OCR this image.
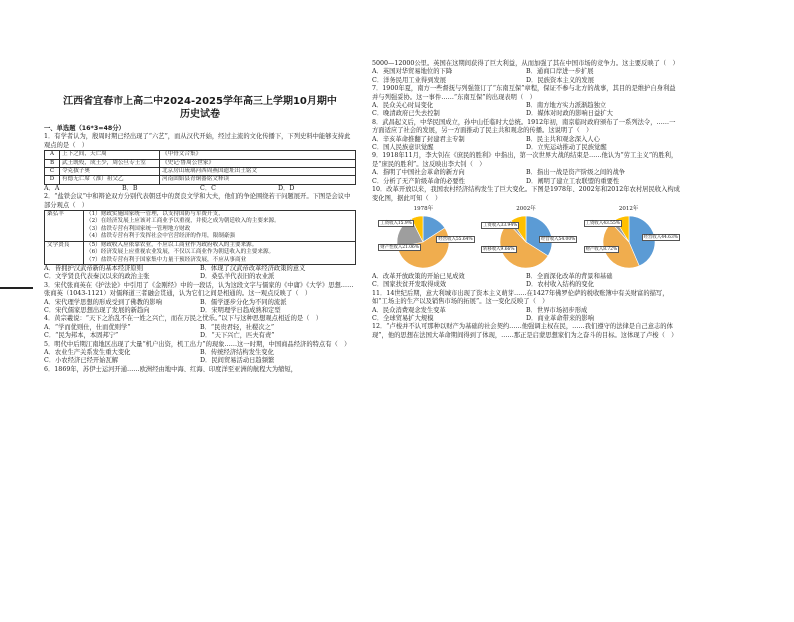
江西省宜春市上高二中2024-2025学年高三上学期10月期中
历史试卷

一、单选题（16*3=48分）

1．有学者认为，殷周时期已经出现了“六艺”，而从汉代开始，经过主流的文化传播下，下列史料中能够支持此观点的是（　）

A	上下之间，天亡周	《甲骨文合集》
B	武王既殁，成王少，周公旦专王室	《史记·鲁周公世家》
C	令克拔子奥	北京房山琉璃河西周燕国遗址出土铭文
D	有德无亡席（淮）祖父乙	河南固始县青铜器铭文释读
A．A	B．B	C．C	D．D

2．“盐铁会议”中和辩论双方分别代表朝廷中的贤良文学和大夫，他们的争论围绕若干问题展开。下图是会议中部分观点（　）

桑弘羊	（1）财政实施国家统一管理，以支持国防与军费开支，
（2）在经济发展上应该对工商业予以重视，并使之成为朝廷收入的主要来源。
（3）盐铁专营有利国家统一管理地方财政
（4）盐铁专营有利于发挥社会中官营经济的作用，限制豪强

文学贤良	（5）财政收入应依靠农业，不应以工商业作为政府收入的主要来源。
（6）经济发展上应重视农业发展，不仅以工商业作为朝廷收入的主要来源。
（7）盐铁专营有利于国家集中力量干预经济发展，不应从事商业
A．皆拥护汉武帝新的基本经济原则	B．体现了汉武帝改革经济政策的意义
C．文学贤良代表秦汉以来的政治主张	D．桑弘羊代表旧的农业派

3．宋代张商英在《护法论》中引用了《金刚经》中的一段话，认为这段文字与儒家的《中庸》《大学》思想……张商英（1043-1121）对儒释道三者融会贯通，认为它们之间是相通的。这一观点反映了（　）

A．宋代理学思想的形成受到了佛教的影响	B．儒学逐步分化为不同的流派
C．宋代儒家思想出现了发展的新趋向	D．宋明理学日趋成熟和定型

4．黄宗羲说：“天下之治乱不在一姓之兴亡，而在万民之忧乐。”以下与这种思想观点相近的是（　）

A．“学而优则仕，仕而优则学”	B．“民贵君轻，社稷次之”
C．“民为邦本，本固邦宁”	D．“天下兴亡，匹夫有责”

5．明代中后期江南地区出现了大量“机户出资，机工出力”的现象……这一时期，中国商品经济的特点有（　）

A．农业生产关系发生重大变化	B．传统经济结构发生变化
C．小农经济已经开始瓦解	D．民间贸易活动日趋频繁

6．1869年，苏伊士运河开通……欧洲经由地中海、红海、印度洋至亚洲的航程大为缩短，

5000—12000公里。英国在这期间获得了巨大利益，从而加强了其在中国市场的竞争力。这主要反映了（　）

A．英国对华贸易地位的下降	B．通商口岸进一步扩展
C．洋务民用工业得到发展	D．民族资本主义的发展

7．1900年夏，南方一些督抚与列强签订了“东南互保”章程，保证不参与北方的战事，其目的是维护自身利益并与列强妥协。这一事件……“东南互保”的出现表明（　）

A．民众关心时局变化	B．南方地方实力派渐趋独立
C．晚清政府已失去控制	D．媒体对时政的影响日益扩大

8．武昌起义后，中华民国成立，孙中山任临时大总统。1912年初，南京临时政府颁布了一系列法令，……一方面适应了社会的发展，另一方面推动了民主共和观念的传播。这说明了（　）

A．辛亥革命推翻了封建君主专制	B．民主共和观念深入人心
C．国人民族意识觉醒	D．立宪运动推动了民族觉醒

9．1918年11月，李大钊在《庶民的胜利》中指出，第一次世界大战的结束是……他认为“劳工主义”的胜利，是“庶民的胜利”。这反映出李大钊（　）

A．指明了中国社会革命的新方向	B．指出一战是资产阶级之间的战争
C．分析了无产阶级革命的必要性	D．阐明了建立工农联盟的重要性

10．改革开放以来，我国农村经济结构发生了巨大变化。下图是1978年、2002年和2012年农村居民收入构成变化图，据此可知（　）

1978年
工资收入15.9%
财产性收入21.06%
经营收入55.64%
2002年
工资收入33.94%
经营收入54.00%
转移收入9.66%
2012年
工资收入43.55%
财产收入8.72%
经营收入44.63%
A．改革开放政策的开始已见成效	B．全面深化改革的背景和基础
C．国家扶贫开发取得成效	D．农村收入结构的变化

11．14世纪后期，意大利城市出现了资本主义萌芽……在1427年佛罗伦萨的税收账簿中有关财富的描写，如“工场主的生产以及销售市场的拓展”。这一变化反映了（　）

A．民众消费观念发生变革	B．世界市场初步形成
C．全球贸易扩大规模	D．商业革命带来的影响

12．“卢梭并不认可那种以财产为基础的社会契约……他强调主权在民，……我们遵守的法律是自己意志的体现”，他的思想在法国大革命期间得到了体现，……那正是启蒙思想家们为之奋斗的目标。这体现了卢梭（　）
